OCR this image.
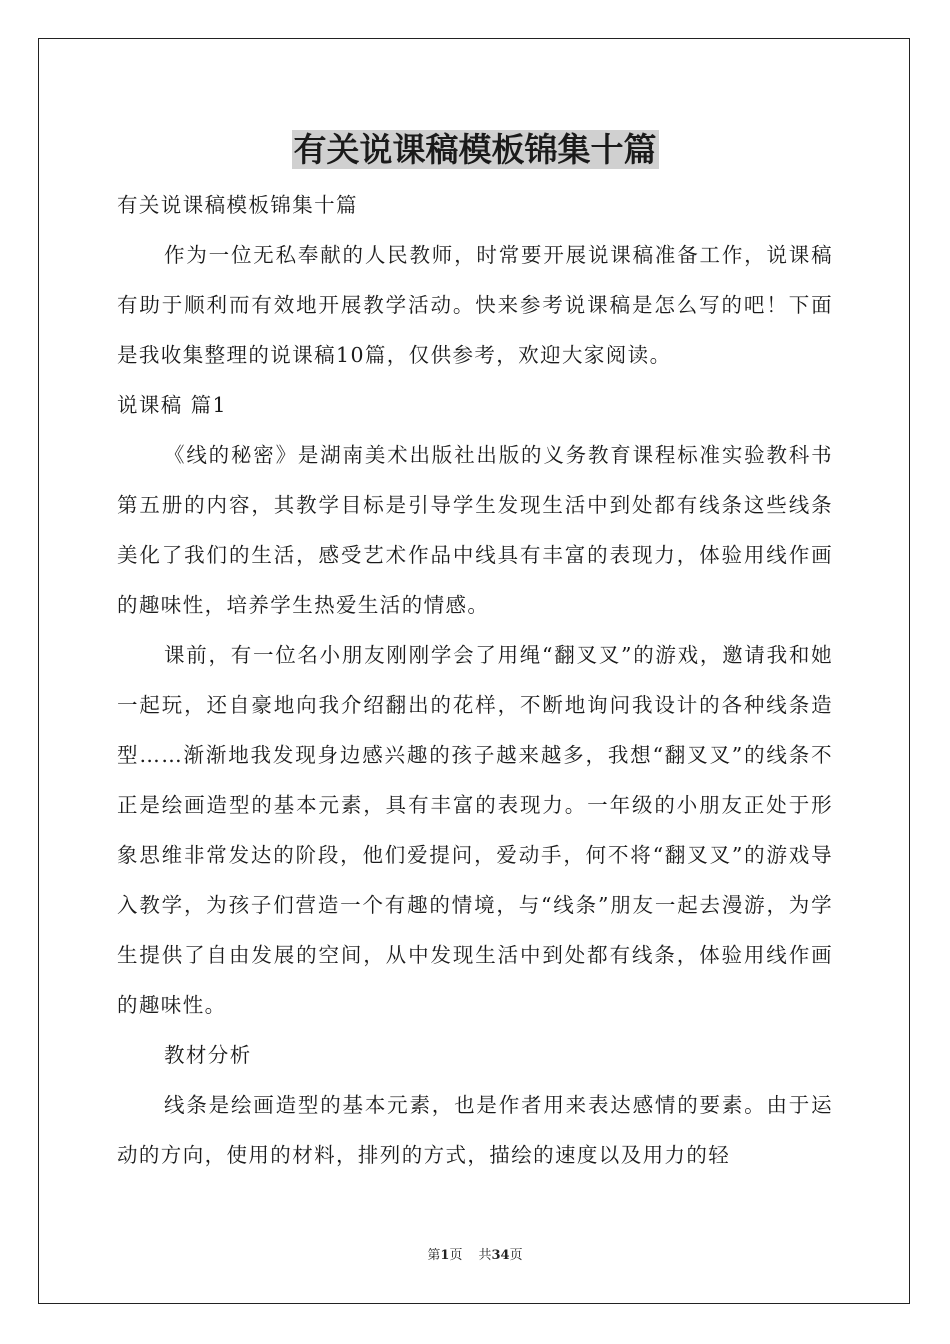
有关说课稿模板锦集十篇

有关说课稿模板锦集十篇

作为一位无私奉献的人民教师，时常要开展说课稿准备工作，说课稿有助于顺利而有效地开展教学活动。快来参考说课稿是怎么写的吧！下面是我收集整理的说课稿10篇，仅供参考，欢迎大家阅读。

说课稿 篇1

《线的秘密》是湖南美术出版社出版的义务教育课程标准实验教科书第五册的内容，其教学目标是引导学生发现生活中到处都有线条这些线条美化了我们的生活，感受艺术作品中线具有丰富的表现力，体验用线作画的趣味性，培养学生热爱生活的情感。

课前，有一位名小朋友刚刚学会了用绳“翻叉叉”的游戏，邀请我和她一起玩，还自豪地向我介绍翻出的花样，不断地询问我设计的各种线条造型……渐渐地我发现身边感兴趣的孩子越来越多，我想“翻叉叉”的线条不正是绘画造型的基本元素，具有丰富的表现力。一年级的小朋友正处于形象思维非常发达的阶段，他们爱提问，爱动手，何不将“翻叉叉”的游戏导入教学，为孩子们营造一个有趣的情境，与“线条”朋友一起去漫游，为学生提供了自由发展的空间，从中发现生活中到处都有线条，体验用线作画的趣味性。

教材分析

线条是绘画造型的基本元素，也是作者用来表达感情的要素。由于运动的方向，使用的材料，排列的方式，描绘的速度以及用力的轻

第1页 共34页
